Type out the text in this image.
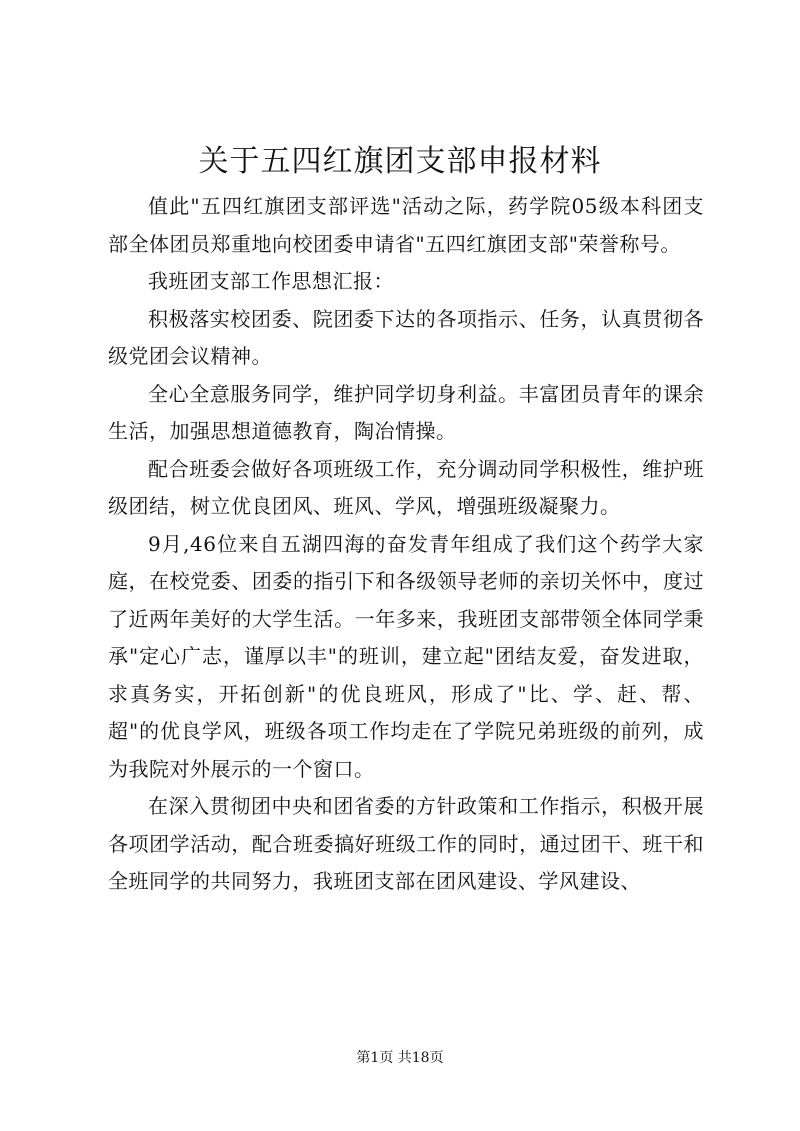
关于五四红旗团支部申报材料

值此"五四红旗团支部评选"活动之际，药学院05级本科团支部全体团员郑重地向校团委申请省"五四红旗团支部"荣誉称号。

我班团支部工作思想汇报：

积极落实校团委、院团委下达的各项指示、任务，认真贯彻各级党团会议精神。

全心全意服务同学，维护同学切身利益。丰富团员青年的课余生活，加强思想道德教育，陶冶情操。

配合班委会做好各项班级工作，充分调动同学积极性，维护班级团结，树立优良团风、班风、学风，增强班级凝聚力。

9月,46位来自五湖四海的奋发青年组成了我们这个药学大家庭，在校党委、团委的指引下和各级领导老师的亲切关怀中，度过了近两年美好的大学生活。一年多来，我班团支部带领全体同学秉承"定心广志，谨厚以丰"的班训，建立起"团结友爱，奋发进取，求真务实，开拓创新"的优良班风，形成了"比、学、赶、帮、超"的优良学风，班级各项工作均走在了学院兄弟班级的前列，成为我院对外展示的一个窗口。

在深入贯彻团中央和团省委的方针政策和工作指示，积极开展各项团学活动，配合班委搞好班级工作的同时，通过团干、班干和全班同学的共同努力，我班团支部在团风建设、学风建设、

第1页 共18页
